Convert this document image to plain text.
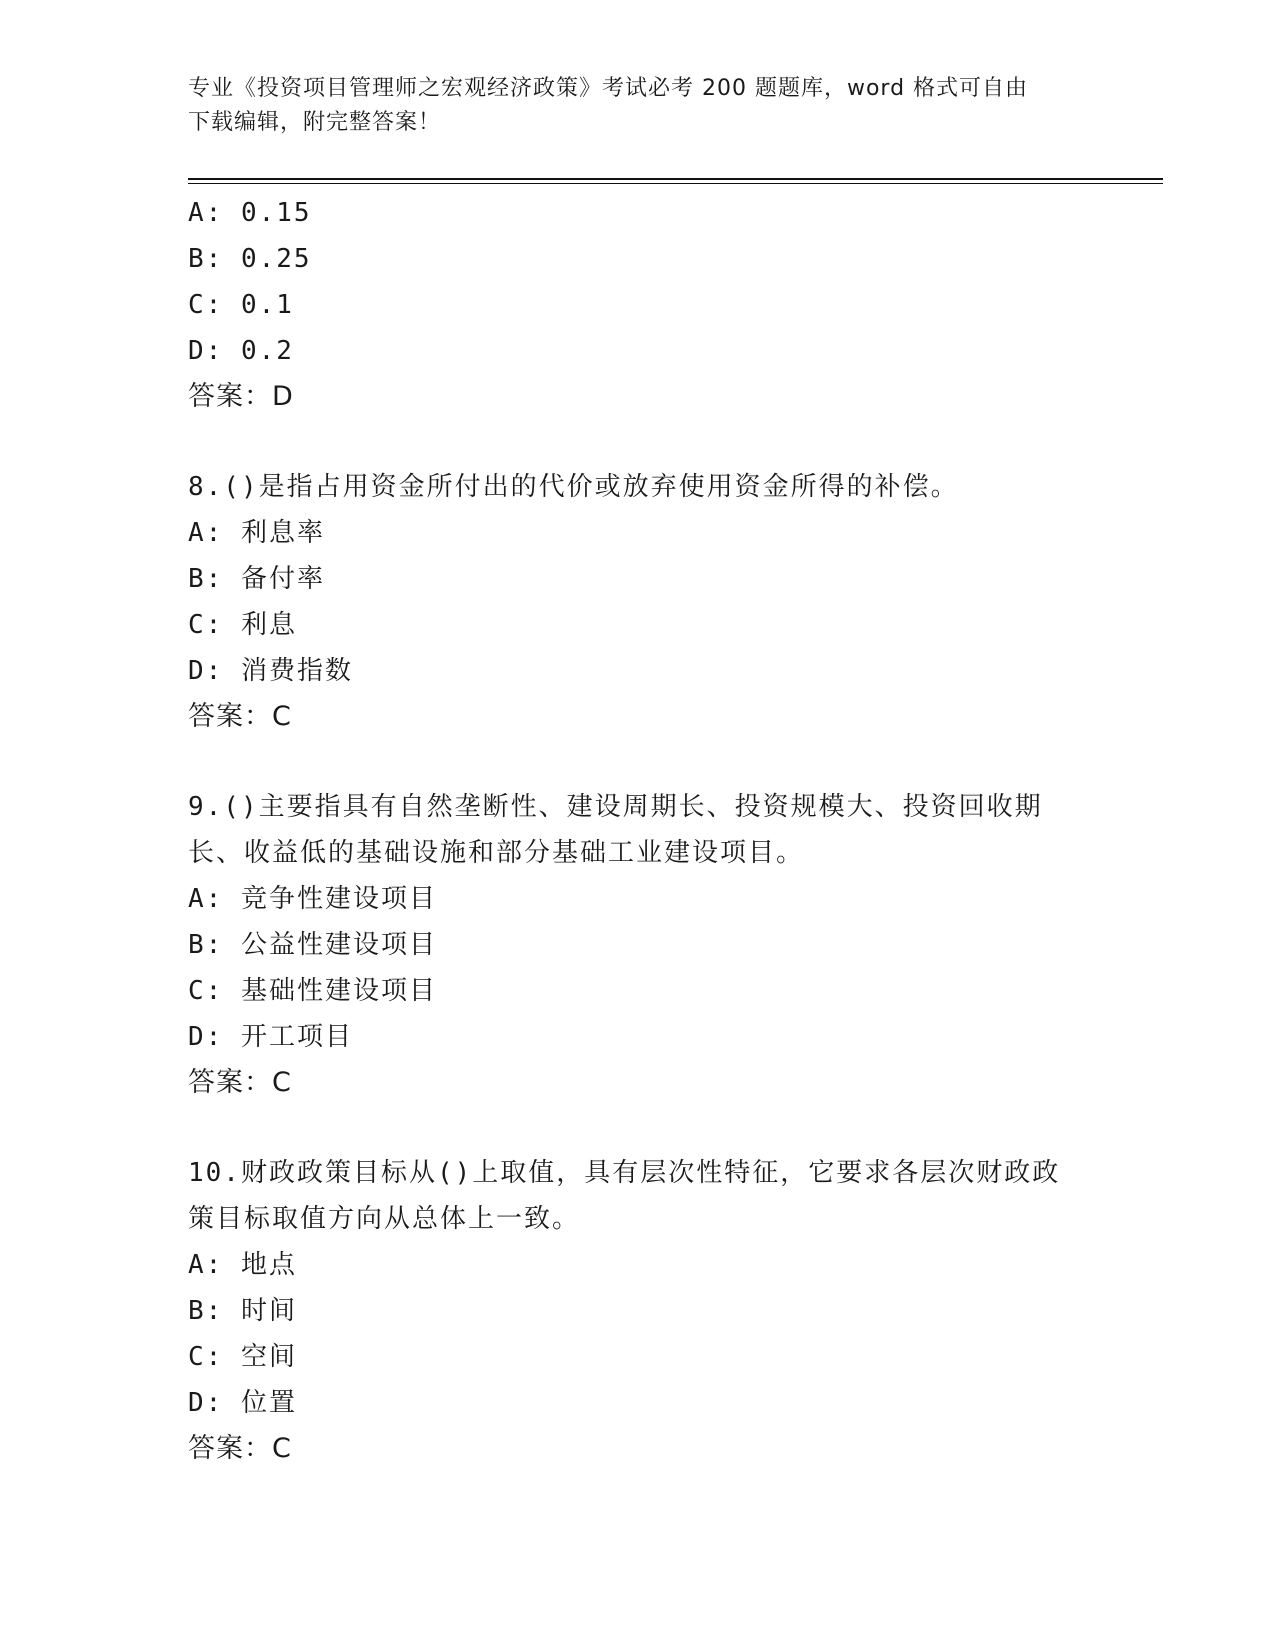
专业《投资项目管理师之宏观经济政策》考试必考 200 题题库，word 格式可自由
下载编辑，附完整答案！
A: 0.15
B: 0.25
C: 0.1
D: 0.2
答案：D
8.()是指占用资金所付出的代价或放弃使用资金所得的补偿。
A: 利息率
B: 备付率
C: 利息
D: 消费指数
答案：C
9.()主要指具有自然垄断性、建设周期长、投资规模大、投资回收期
长、收益低的基础设施和部分基础工业建设项目。
A: 竞争性建设项目
B: 公益性建设项目
C: 基础性建设项目
D: 开工项目
答案：C
10.财政政策目标从()上取值，具有层次性特征，它要求各层次财政政
策目标取值方向从总体上一致。
A: 地点
B: 时间
C: 空间
D: 位置
答案：C
